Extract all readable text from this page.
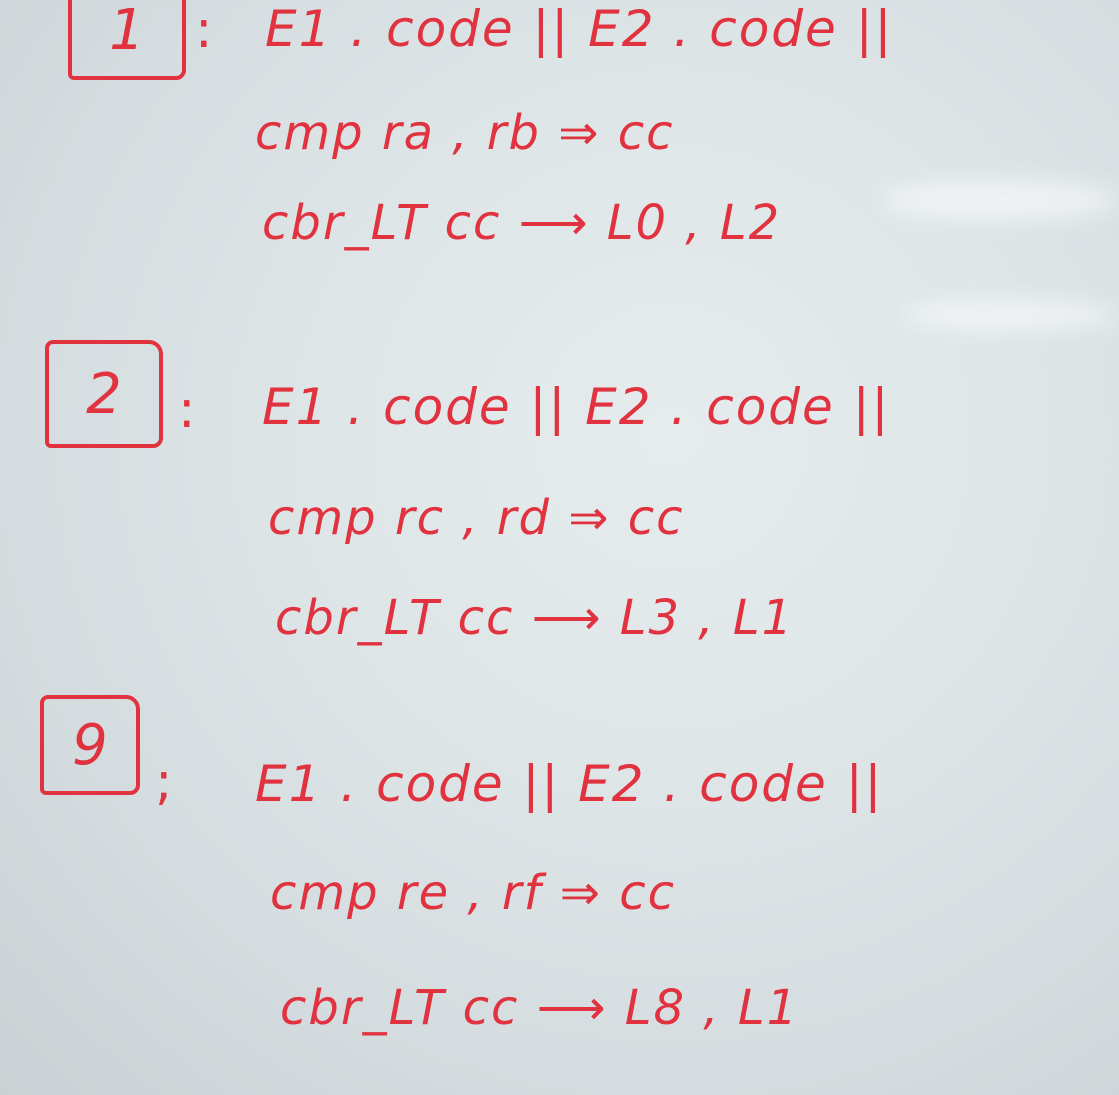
1 : E1 . code || E2 . code ||
cmp ra , rb ⇒ cc
cbr_LT cc ⟶ L0 , L2
2 : E1 . code || E2 . code ||
cmp rc , rd ⇒ cc
cbr_LT cc ⟶ L3 , L1
9
; E1 . code || E2 . code ||
cmp re , rf ⇒ cc
cbr_LT cc ⟶ L8 , L1
